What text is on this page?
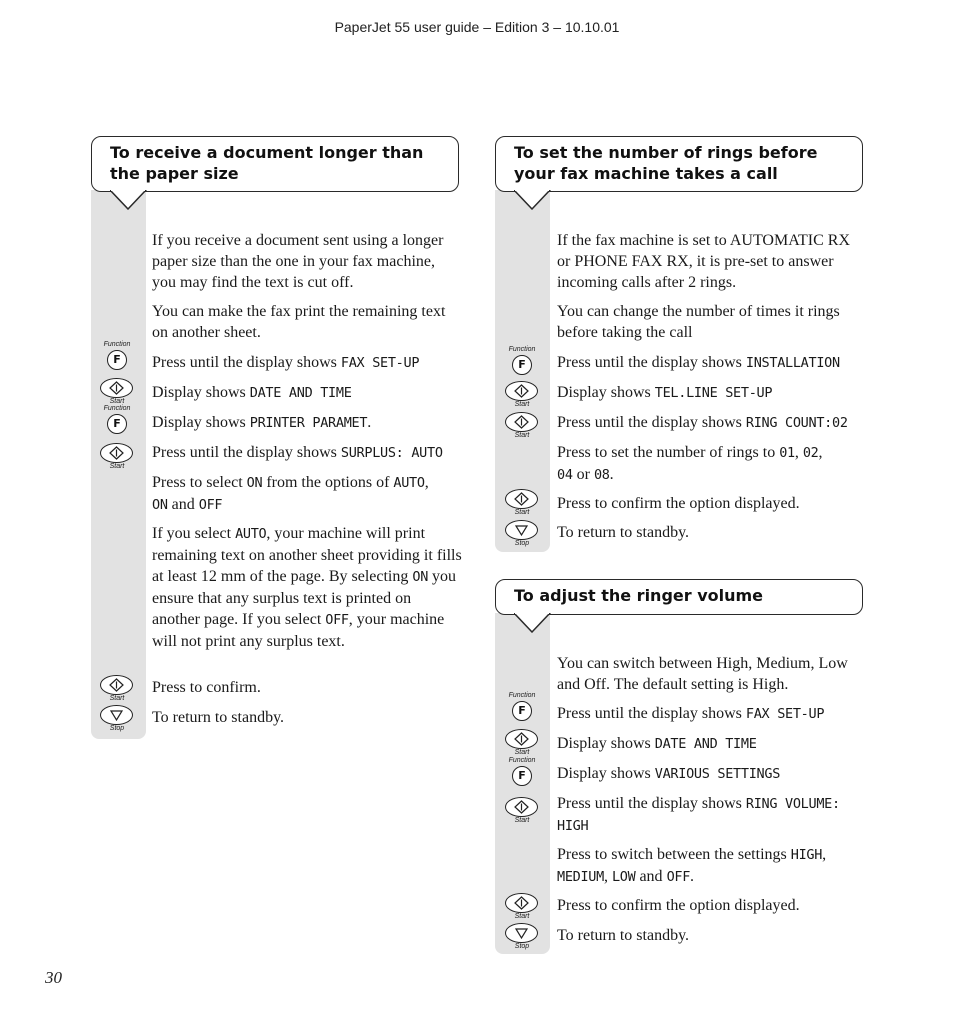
PaperJet 55 user guide – Edition 3 – 10.10.01
To receive a document longer than the paper size
If you receive a document sent using a longer paper size than the one in your fax machine, you may find the text is cut off.
You can make the fax print the remaining text on another sheet.
Press until the display shows FAX SET-UP
Display shows DATE AND TIME
Display shows PRINTER PARAMET.
Press until the display shows SURPLUS: AUTO
Press to select ON from the options of AUTO,
ON and OFF
If you select AUTO, your machine will print remaining text on another sheet providing it fills at least 12 mm of the page. By selecting ON you ensure that any surplus text is printed on another page. If you select OFF, your machine will not print any surplus text.
Press to confirm.
To return to standby.
Function
F
Start
Function
F
Start
Start
Stop
To set the number of rings before your fax machine takes a call
If the fax machine is set to AUTOMATIC RX or PHONE FAX RX, it is pre-set to answer incoming calls after 2 rings.
You can change the number of times it rings before taking the call
Press until the display shows INSTALLATION
Display shows TEL.LINE SET-UP
Press until the display shows RING COUNT:02
Press to set the number of rings to 01, 02,
04 or 08.
Press to confirm the option displayed.
To return to standby.
Function
F
Start
Start
Start
Stop
To adjust the ringer volume
You can switch between High, Medium, Low and Off. The default setting is High.
Press until the display shows FAX SET-UP
Display shows DATE AND TIME
Display shows VARIOUS SETTINGS
Press until the display shows RING VOLUME: HIGH
Press to switch between the settings HIGH,
MEDIUM, LOW and OFF.
Press to confirm the option displayed.
To return to standby.
Function
F
Start
Function
F
Start
Start
Stop
30
